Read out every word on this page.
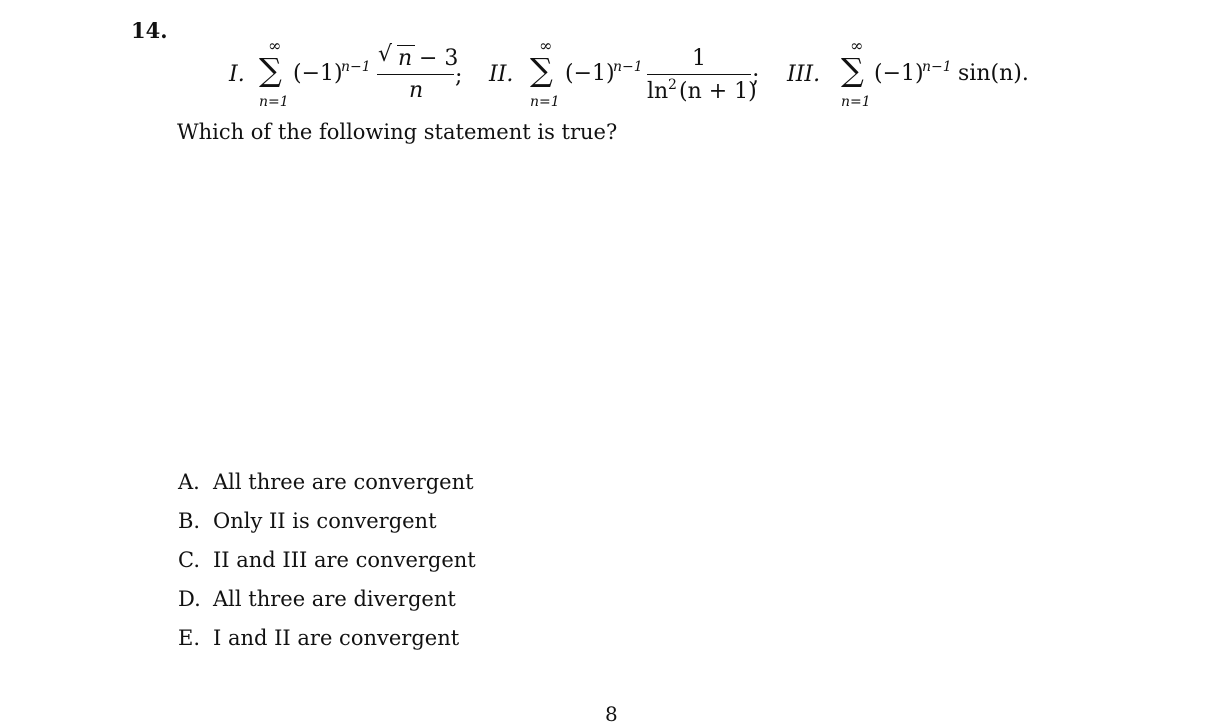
14.
I.
∞
∑
n=1
(−1)
n−1 √ n − 3
n
; II.
∞
∑
n=1
(−1)
n−1 1
ln 2 (n + 1)
; III.
∞
∑
n=1
(−1)
n−1 sin(n).
Which of the following statement is true?
A. All three are convergent
B. Only II is convergent
C. II and III are convergent
D. All three are divergent
E. I and II are convergent
8
